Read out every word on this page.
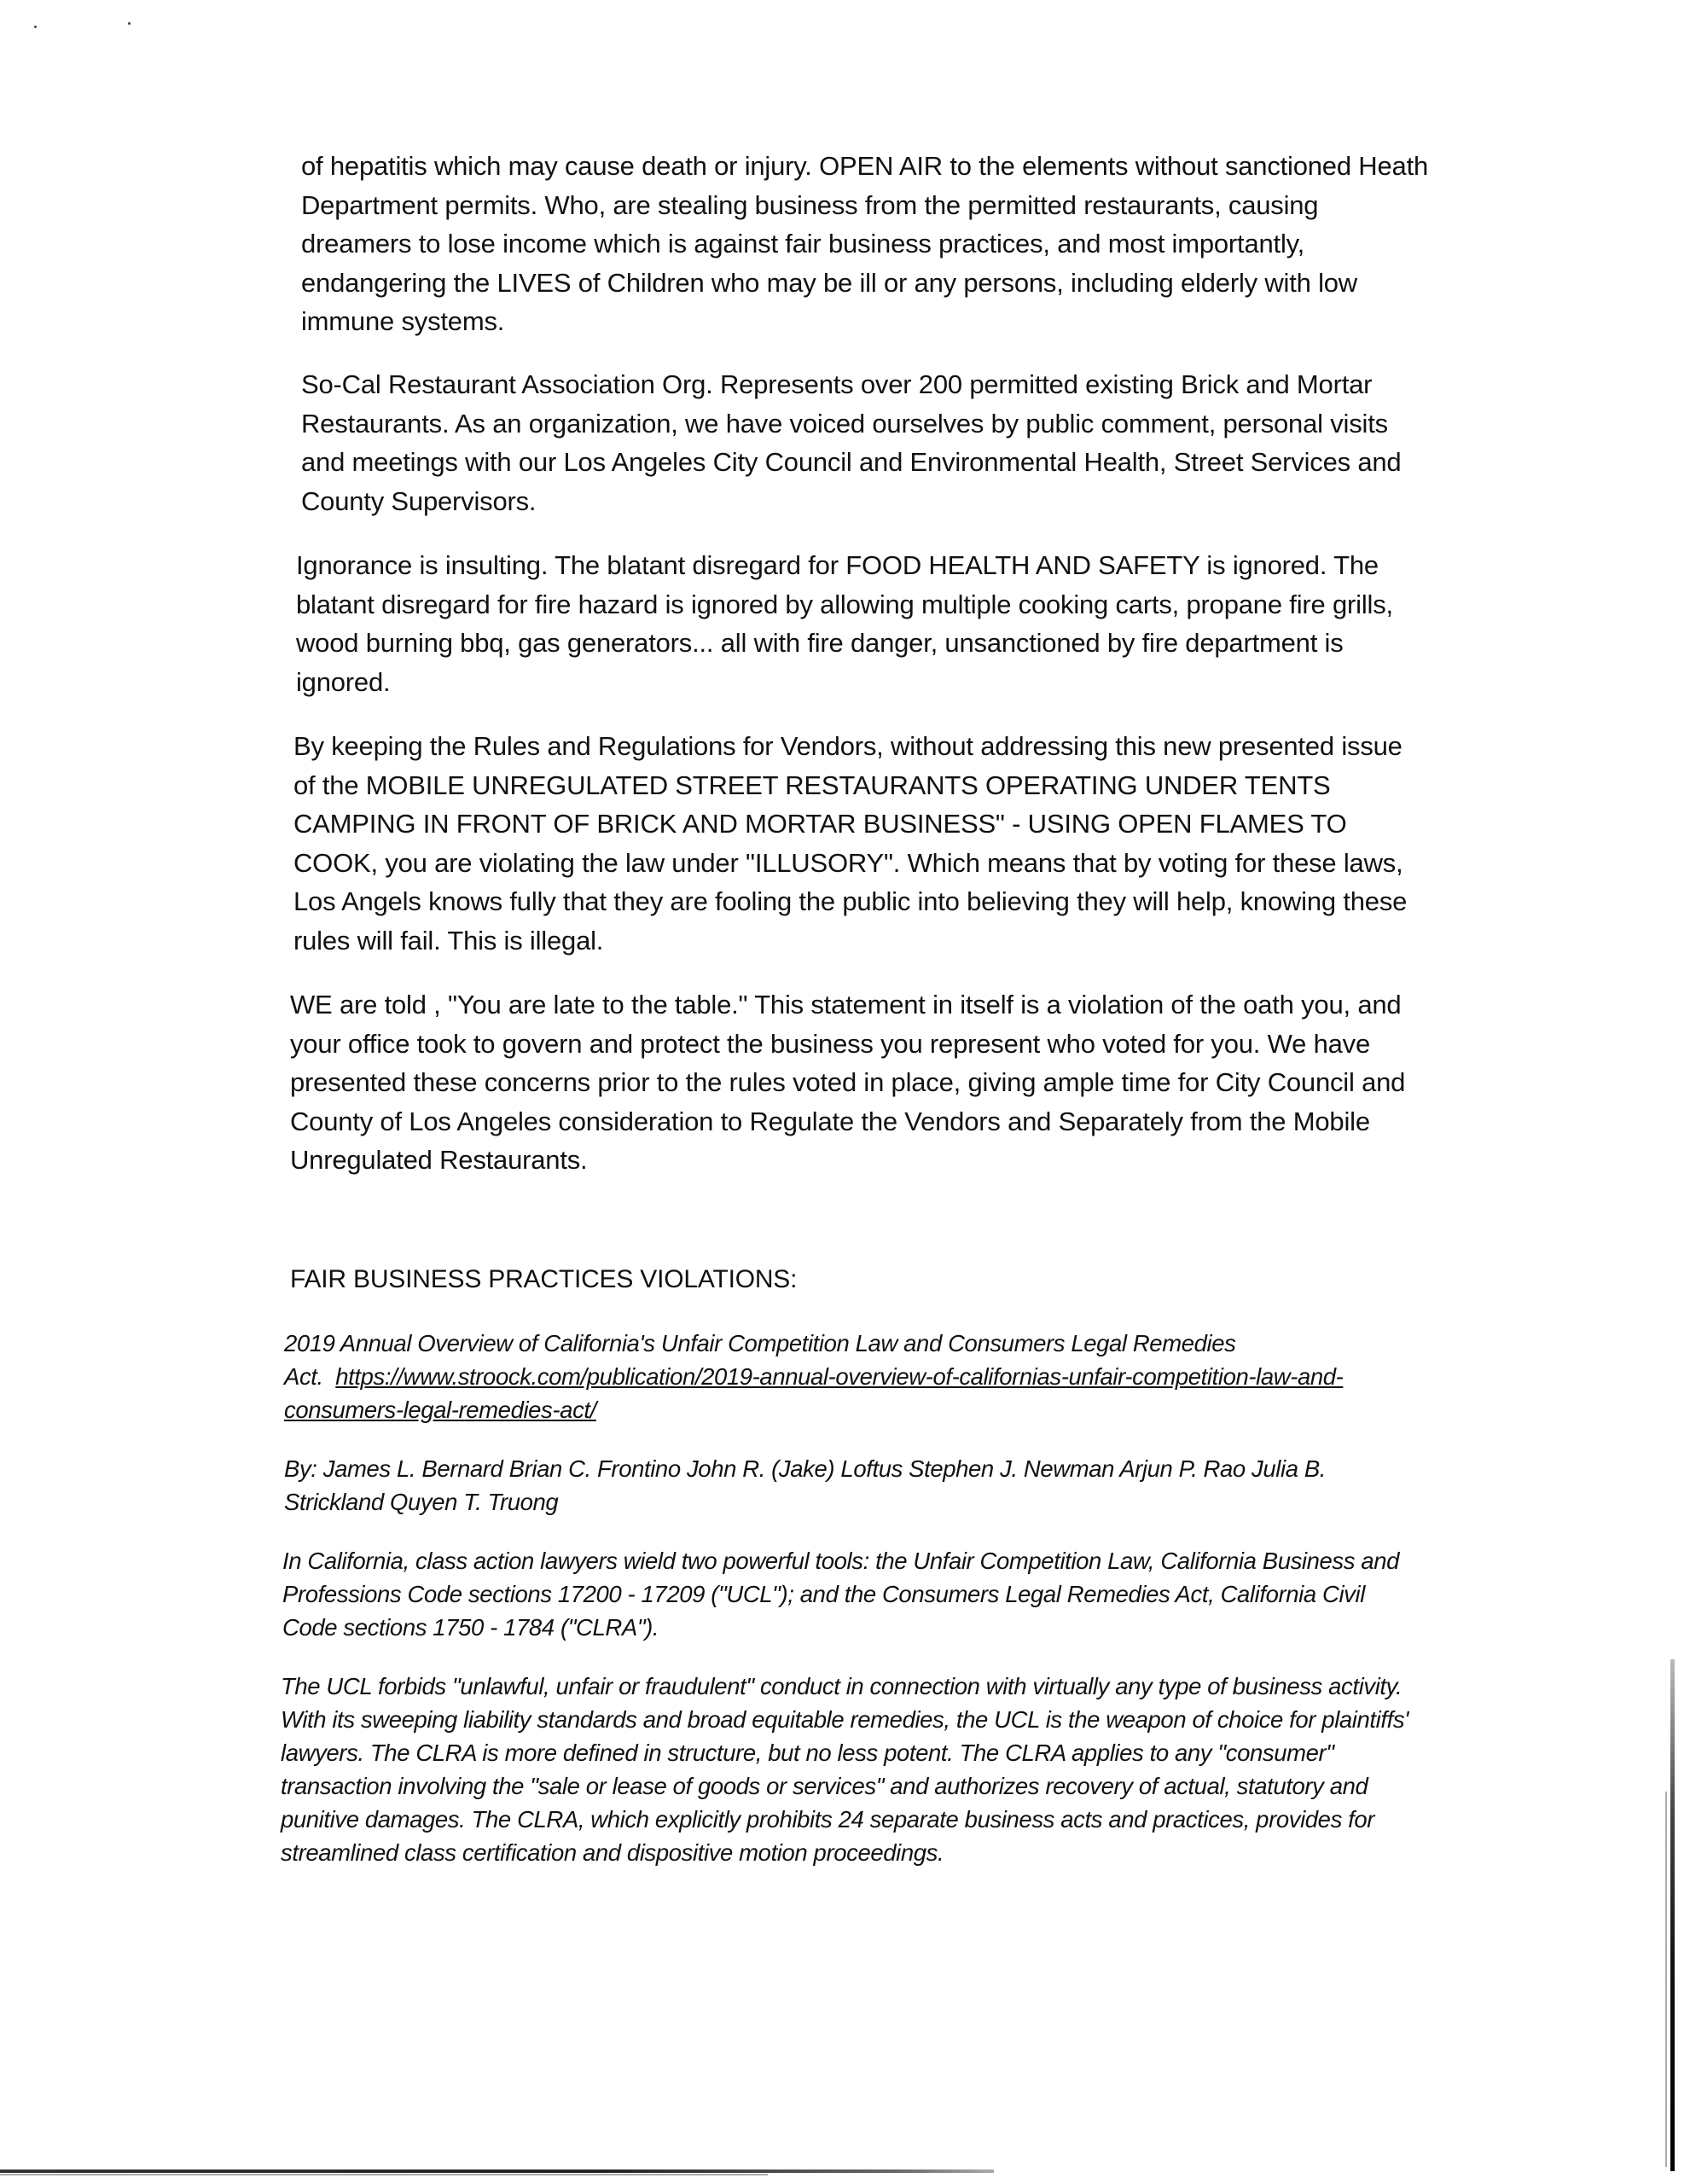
of hepatitis which may cause death or injury. OPEN AIR to the elements without sanctioned Heath Department permits. Who, are stealing business from the permitted restaurants, causing dreamers to lose income which is against fair business practices, and most importantly, endangering the LIVES of Children who may be ill or any persons, including elderly with low immune systems.

So-Cal Restaurant Association Org. Represents over 200 permitted existing Brick and Mortar Restaurants. As an organization, we have voiced ourselves by public comment, personal visits and meetings with our Los Angeles City Council and Environmental Health, Street Services and County Supervisors.

Ignorance is insulting. The blatant disregard for FOOD HEALTH AND SAFETY is ignored. The blatant disregard for fire hazard is ignored by allowing multiple cooking carts, propane fire grills, wood burning bbq, gas generators... all with fire danger, unsanctioned by fire department is ignored.

By keeping the Rules and Regulations for Vendors, without addressing this new presented issue of the MOBILE UNREGULATED STREET RESTAURANTS OPERATING UNDER TENTS CAMPING IN FRONT OF BRICK AND MORTAR BUSINESS" - USING OPEN FLAMES TO COOK, you are violating the law under "ILLUSORY". Which means that by voting for these laws, Los Angels knows fully that they are fooling the public into believing they will help, knowing these rules will fail. This is illegal.

WE are told , "You are late to the table." This statement in itself is a violation of the oath you, and your office took to govern and protect the business you represent who voted for you. We have presented these concerns prior to the rules voted in place, giving ample time for City Council and County of Los Angeles consideration to Regulate the Vendors and Separately from the Mobile Unregulated Restaurants.

FAIR BUSINESS PRACTICES VIOLATIONS:

2019 Annual Overview of California's Unfair Competition Law and Consumers Legal Remedies Act. https://www.stroock.com/publication/2019-annual-overview-of-californias-unfair-competition-law-and-consumers-legal-remedies-act/

By: James L. Bernard Brian C. Frontino John R. (Jake) Loftus Stephen J. Newman Arjun P. Rao Julia B. Strickland Quyen T. Truong

In California, class action lawyers wield two powerful tools: the Unfair Competition Law, California Business and Professions Code sections 17200 - 17209 ("UCL"); and the Consumers Legal Remedies Act, California Civil Code sections 1750 - 1784 ("CLRA").

The UCL forbids "unlawful, unfair or fraudulent" conduct in connection with virtually any type of business activity. With its sweeping liability standards and broad equitable remedies, the UCL is the weapon of choice for plaintiffs' lawyers. The CLRA is more defined in structure, but no less potent. The CLRA applies to any "consumer" transaction involving the "sale or lease of goods or services" and authorizes recovery of actual, statutory and punitive damages. The CLRA, which explicitly prohibits 24 separate business acts and practices, provides for streamlined class certification and dispositive motion proceedings.
